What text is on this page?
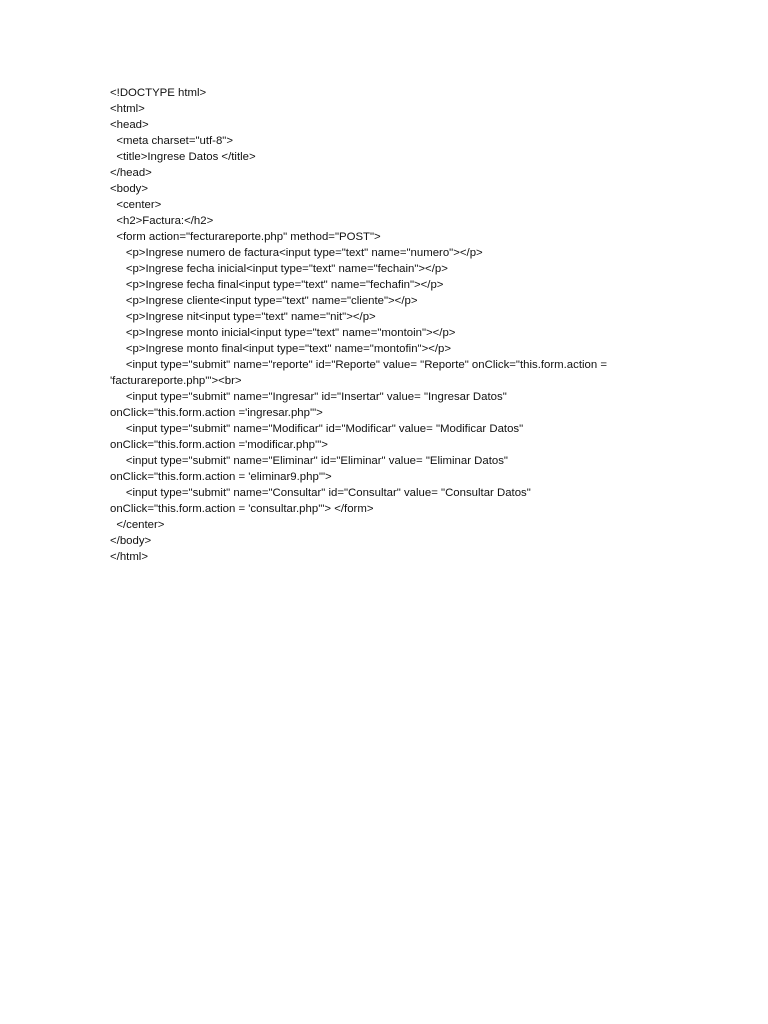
<!DOCTYPE html>
<html>
<head>
<meta charset="utf-8">
<title>Ingrese Datos </title>
</head>
<body>
<center>
<h2>Factura:</h2>
<form action="fecturareporte.php" method="POST">
<p>Ingrese numero de factura<input type="text" name="numero"></p>
<p>Ingrese fecha inicial<input type="text" name="fechain"></p>
<p>Ingrese fecha final<input type="text" name="fechafin"></p>
<p>Ingrese cliente<input type="text" name="cliente"></p>
<p>Ingrese nit<input type="text" name="nit"></p>
<p>Ingrese monto inicial<input type="text" name="montoin"></p>
<p>Ingrese monto final<input type="text" name="montofin"></p>
<input type="submit" name="reporte" id="Reporte" value= "Reporte" onClick="this.form.action =
'facturareporte.php'"><br>
<input type="submit" name="Ingresar" id="Insertar" value= "Ingresar Datos"
onClick="this.form.action ='ingresar.php'">
<input type="submit" name="Modificar" id="Modificar" value= "Modificar Datos"
onClick="this.form.action ='modificar.php'">
<input type="submit" name="Eliminar" id="Eliminar" value= "Eliminar Datos"
onClick="this.form.action = 'eliminar9.php'">
<input type="submit" name="Consultar" id="Consultar" value= "Consultar Datos"
onClick="this.form.action = 'consultar.php'"> </form>
</center>
</body>
</html>
